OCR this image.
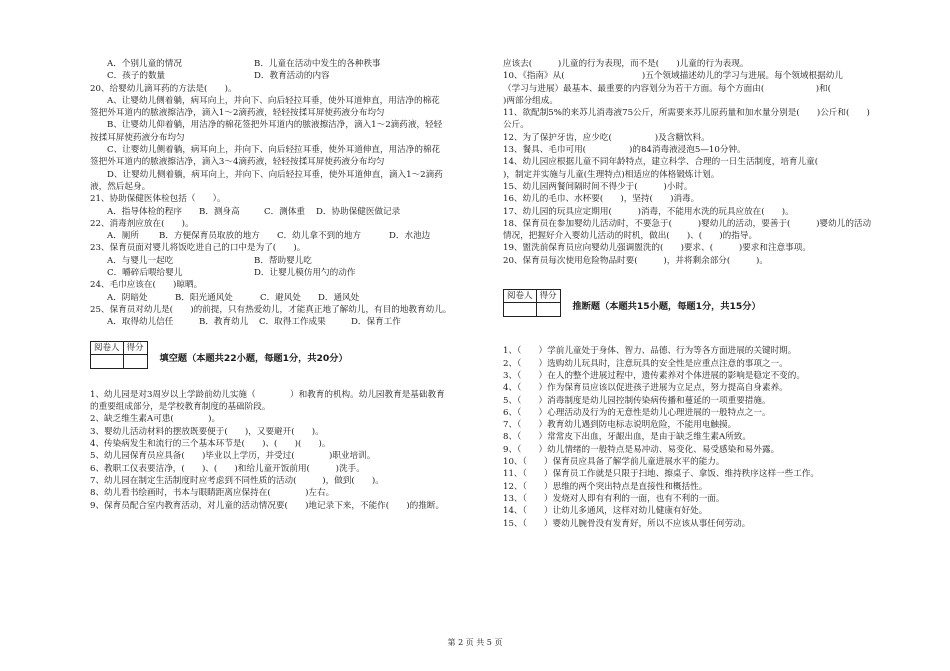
A．个别儿童的情况	B．儿童在活动中发生的各种秩事
C．孩子的数量	D．教育活动的内容
20、给婴幼儿滴耳药的方法是(　　)。
A、让婴幼儿侧着躺，病耳向上，并向下、向后轻拉耳垂，使外耳道伸直，用洁净的棉花
签把外耳道内的脓液擦洁净，滴入1～2滴药液，轻轻按揉耳屏使药液分布均匀
B、让婴幼儿仰着躺，用洁净的棉花签把外耳道内的脓液擦洁净，滴入1～2滴药液，轻轻
按揉耳屏使药液分布均匀
C、让婴幼儿侧着躺，病耳向上，并向下、向后轻拉耳垂，使外耳道伸直，用洁净的棉花
签把外耳道内的脓液擦洁净，滴入3～4滴药液，轻轻按揉耳屏使药液分布均匀
D、让婴幼儿侧着躺，病耳向上，并向下、向后轻拉耳垂，使外耳道伸直，滴入1～2滴药
液，然后起身。
21、协助保健医体检包括（　　）。
A．指导体检的程序	B．测身高	C．测体重	D．协助保健医做记录
22、消毒剂应放在(　　)。
A．厕所	B．方便保育员取放的地方	C．幼儿拿不到的地方	D．水池边
23、保育员面对婴儿将饭吃进自己的口中是为了(　　)。
A．与婴儿一起吃	B．帮助婴儿吃
C．嚼碎后喂给婴儿	D．让婴儿模仿用勺的动作
24、毛巾应该在(　　)晾晒。
A．阴暗处	B．阳光通风处	C．避风处	D．通风处
25、保育员对幼儿是(　　)的前提，只有热爱幼儿，才能真正地了解幼儿，有目的地教育幼儿。
A．取得幼儿信任	B．教育幼儿	C．取得工作成果	D．保育工作
阅卷人	得分

填空题（本题共22小题，每题1分，共20分）
1、幼儿园是对3周岁以上学龄前幼儿实施（　　　　）和教育的机构。幼儿园教育是基础教育
的重要组成部分，是学校教育制度的基础阶段。
2、缺乏维生素A可患(　　　　)。
3、婴幼儿活动材料的摆放既要便于(　　)，又要避开(　　)。
4、传染病发生和流行的三个基本环节是(　　)、(　　)(　　)。
5、幼儿园保育员应具备(　　)毕业以上学历，并受过(　　　　)职业培训。
6、教职工仪表要洁净，(　　)、(　　)和给儿童开饭前用(　　　)洗手。
7、幼儿园在制定生活制度时应考虑到不同性质的活动(　　　)，做到(　　)。
8、幼儿看书绘画时，书本与眼睛距离应保持在(　　　　)左右。
9、保育员配合室内教育活动，对儿童的活动情况要(　　)地记录下来，不能作(　　)的推断。
应该去(　　　)儿童的行为表现，而不是(　　)儿童的行为表现。
10、《指南》从(　　　　　　　　　)五个领域描述幼儿的学习与进展。每个领域根据幼儿
（学习与进展）最基本、最重要的内容划分为若干方面。每个方面由(　　　　　　)和(　　
)两部分组成。
11、欲配制5%的来苏儿消毒液75公斤，所需要来苏儿原药量和加水量分别是(　　)公斤和(　　)
公斤。
12、为了保护牙齿，应少吃(　　　　　)及含糖饮料。
13、餐具、毛巾可用(　　　　　)的84消毒液浸泡5—10分钟。
14、幼儿园应根据儿童不同年龄特点，建立科学、合理的一日生活制度，培育儿童(　　　
)，制定并实施与儿童(生理特点)相适应的体格锻炼计划。
15、幼儿园两餐间隔时间不得少于(　　　)小时。
16、幼儿的毛巾、水杯要(　　)，坚持(　　)消毒。
17、幼儿园的玩具应定期用(　　　)消毒，不能用水洗的玩具应放在(　　)。
18、保育员在参加婴幼儿活动时，不要急于(　　　)婴幼儿的活动，要善于(　　　)婴幼儿的活动
情况，把握好介入婴幼儿活动的时机，做出(　　)、(　　)的指导。
19、盥洗前保育员应向婴幼儿强调盥洗的(　　)要求、(　　　)要求和注意事项。
20、保育员每次使用危险物品时要(　　　)，并将剩余部分(　　　)。
阅卷人	得分

推断题（本题共15小题，每题1分，共15分）
1、（　　）学前儿童处于身体、智力、品德、行为等各方面进展的关键时期。
2、（　　）选购幼儿玩具时，注意玩具的安全性是应重点注意的事项之一。
3、（　　）在人的整个进展过程中，遗传素养对个体进展的影响是稳定不变的。
4、（　　）作为保育员应该以促进孩子进展为立足点，努力提高自身素养。
5、（　　）消毒制度是幼儿园控制传染病传播和蔓延的一项重要措施。
6、（　　）心理活动及行为的无意性是幼儿心理进展的一般特点之一。
7、（　　）教育幼儿遇到防电标志说明危险，不能用电触摸。
8、（　　）常常皮下出血，牙龈出血，是由于缺乏维生素A所致。
9、（　　）幼儿情绪的一般特点是易冲动、易变化、易受感染和易外露。
10、（　　）保育员应具备了解学前儿童进展水平的能力。
11、（　　）保育员工作就是只限于扫地、擦桌子、拿饭、维持秩序这样一些工作。
12、（　　）思维的两个突出特点是直接性和概括性。
13、（　　）发烧对人即有有利的一面，也有不利的一面。
14、（　　）让幼儿多通风，这样对幼儿健康有好处。
15、（　　）婴幼儿腕骨没有发育好，所以不应该从事任何劳动。
第 2 页 共 5 页
